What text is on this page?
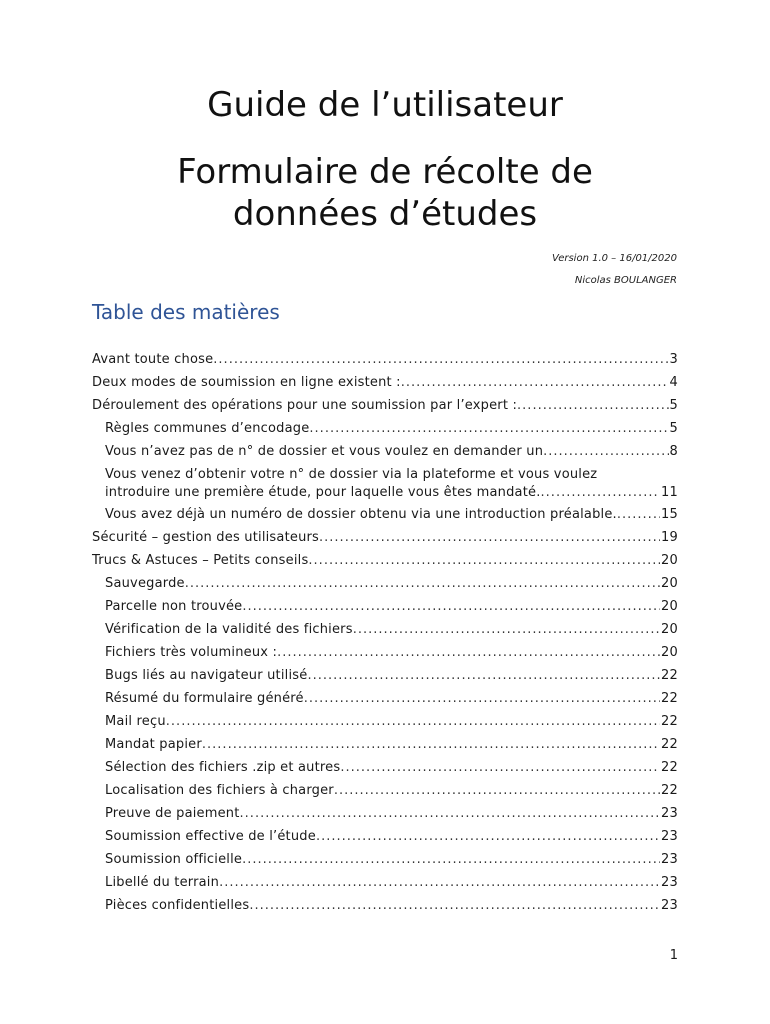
Guide de l’utilisateur
Formulaire de récolte de
données d’études
Version 1.0 – 16/01/2020
Nicolas BOULANGER
Table des matières
Avant toute chose .....	3
Deux modes de soumission en ligne existent : .....	4
Déroulement des opérations pour une soumission par l’expert : .....	5
Règles communes d’encodage .....	5
Vous n’avez pas de n° de dossier et vous voulez en demander un .....	8
Vous venez d’obtenir votre n° de dossier via la plateforme et vous voulez
introduire une première étude, pour laquelle vous êtes mandaté. .....	11
Vous avez déjà un numéro de dossier obtenu via une introduction préalable. .....	15
Sécurité – gestion des utilisateurs .....	19
Trucs & Astuces – Petits conseils .....	20
Sauvegarde .....	20
Parcelle non trouvée .....	20
Vérification de la validité des fichiers .....	20
Fichiers très volumineux : .....	20
Bugs liés au navigateur utilisé .....	22
Résumé du formulaire généré .....	22
Mail reçu .....	22
Mandat papier .....	22
Sélection des fichiers .zip et autres .....	22
Localisation des fichiers à charger .....	22
Preuve de paiement .....	23
Soumission effective de l’étude .....	23
Soumission officielle .....	23
Libellé du terrain .....	23
Pièces confidentielles .....	23
1
